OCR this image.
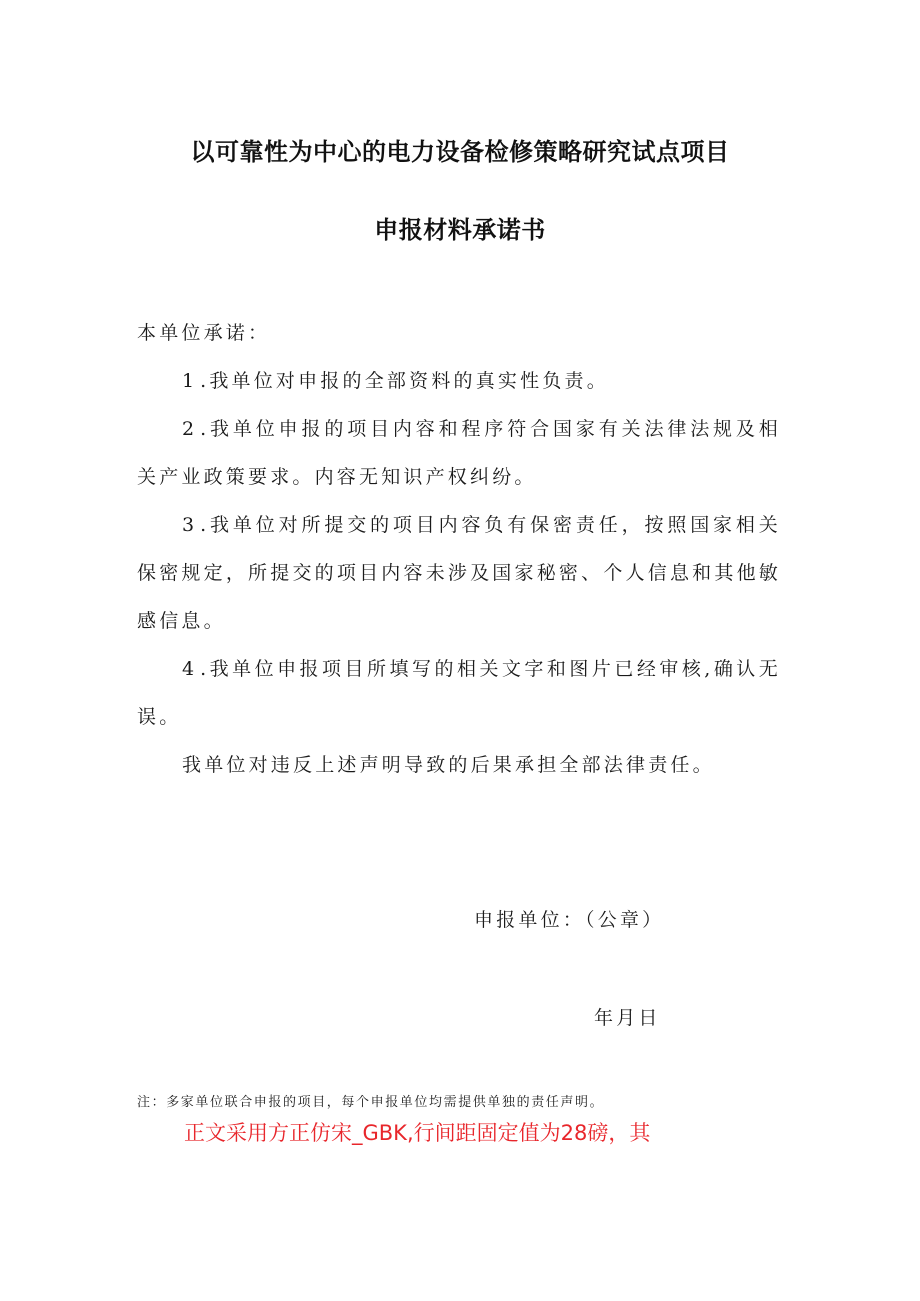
以可靠性为中心的电力设备检修策略研究试点项目
申报材料承诺书
本单位承诺：
1.我单位对申报的全部资料的真实性负责。
2.我单位申报的项目内容和程序符合国家有关法律法规及相关产业政策要求。内容无知识产权纠纷。
3.我单位对所提交的项目内容负有保密责任，按照国家相关保密规定，所提交的项目内容未涉及国家秘密、个人信息和其他敏感信息。
4.我单位申报项目所填写的相关文字和图片已经审核,确认无误。
我单位对违反上述声明导致的后果承担全部法律责任。
申报单位：（公章）
年月日
注：多家单位联合申报的项目，每个申报单位均需提供单独的责任声明。
正文采用方正仿宋_GBK,行间距固定值为28磅，其
